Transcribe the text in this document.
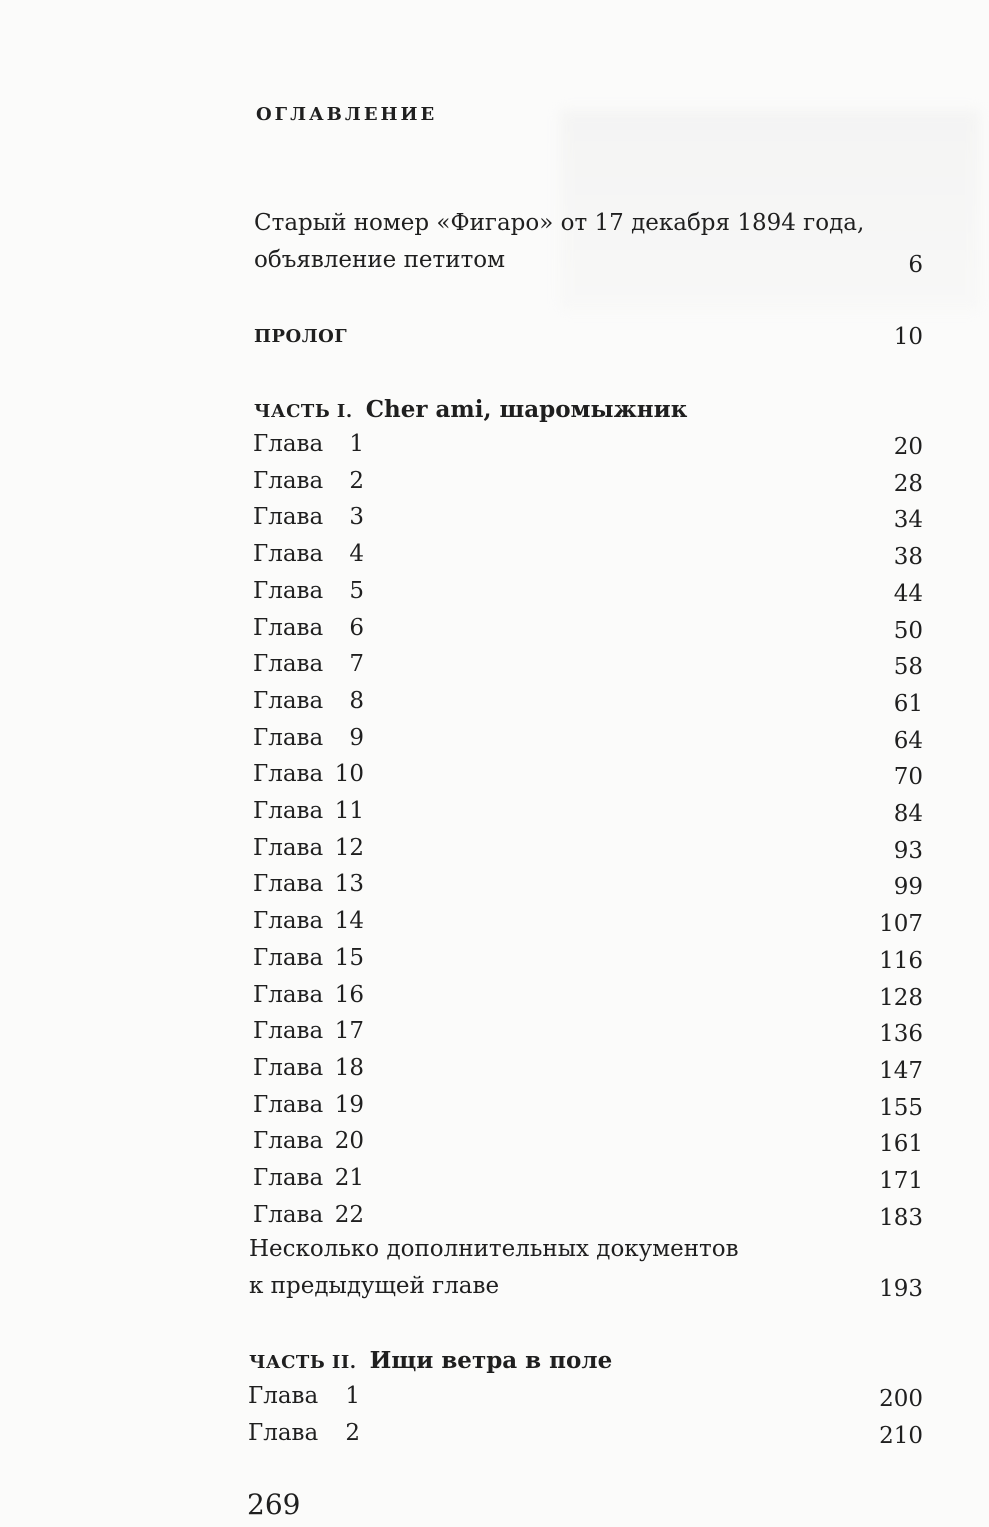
ОГЛАВЛЕНИЕ
Старый номер «Фигаро» от 17 декабря 1894 года,
объявление петитом	6
ПРОЛОГ	10
ЧАСТЬ I. Cher ami, шаромыжник
Глава	1	20
Глава	2	28
Глава	3	34
Глава	4	38
Глава	5	44
Глава	6	50
Глава	7	58
Глава	8	61
Глава	9	64
Глава 10	70
Глава 11	84
Глава 12	93
Глава 13	99
Глава 14	107
Глава 15	116
Глава 16	128
Глава 17	136
Глава 18	147
Глава 19	155
Глава 20	161
Глава 21	171
Глава 22	183
Несколько дополнительных документов
к предыдущей главе	193
ЧАСТЬ II. Ищи ветра в поле
Глава	1	200
Глава	2	210
269
